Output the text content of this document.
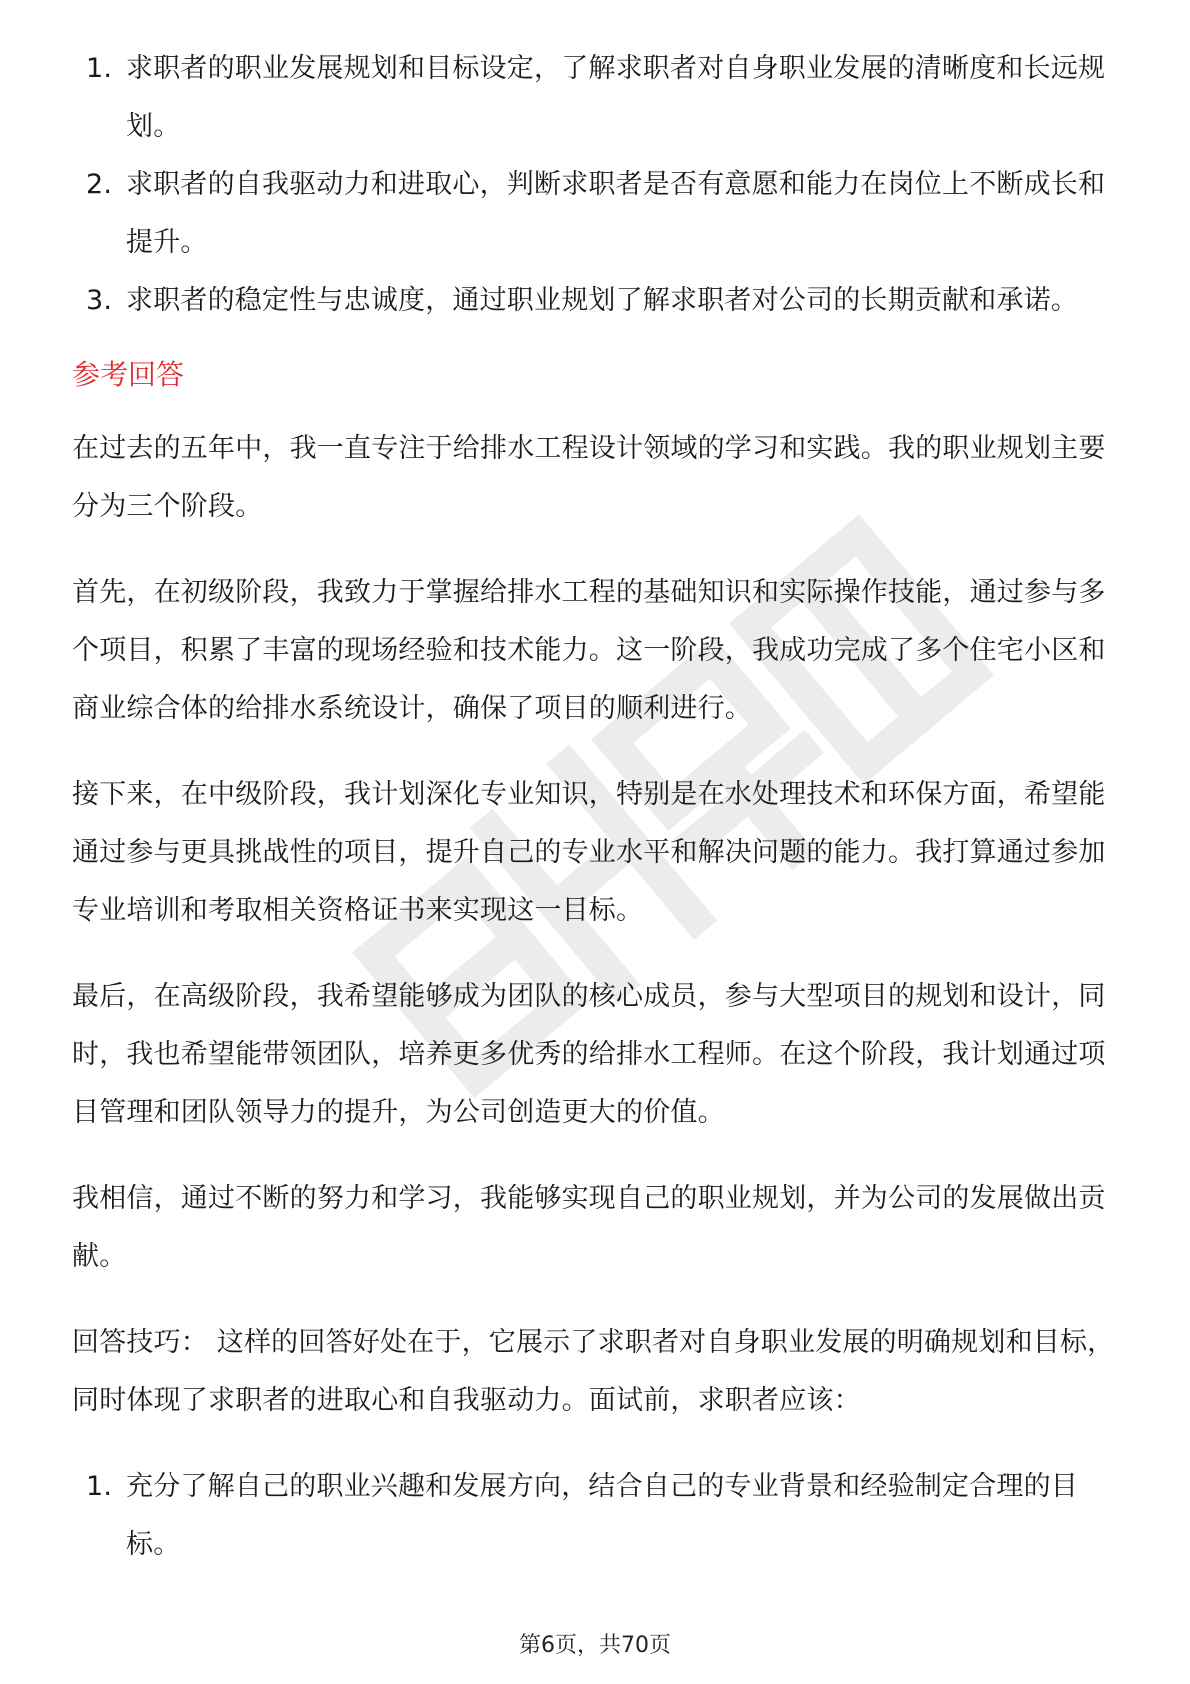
1. 求职者的职业发展规划和目标设定，了解求职者对自身职业发展的清晰度和长远规划。
2. 求职者的自我驱动力和进取心，判断求职者是否有意愿和能力在岗位上不断成长和提升。
3. 求职者的稳定性与忠诚度，通过职业规划了解求职者对公司的长期贡献和承诺。
参考回答

在过去的五年中，我一直专注于给排水工程设计领域的学习和实践。我的职业规划主要分为三个阶段。

首先，在初级阶段，我致力于掌握给排水工程的基础知识和实际操作技能，通过参与多个项目，积累了丰富的现场经验和技术能力。这一阶段，我成功完成了多个住宅小区和商业综合体的给排水系统设计，确保了项目的顺利进行。

接下来，在中级阶段，我计划深化专业知识，特别是在水处理技术和环保方面，希望能通过参与更具挑战性的项目，提升自己的专业水平和解决问题的能力。我打算通过参加专业培训和考取相关资格证书来实现这一目标。

最后，在高级阶段，我希望能够成为团队的核心成员，参与大型项目的规划和设计，同时，我也希望能带领团队，培养更多优秀的给排水工程师。在这个阶段，我计划通过项目管理和团队领导力的提升，为公司创造更大的价值。

我相信，通过不断的努力和学习，我能够实现自己的职业规划，并为公司的发展做出贡献。

回答技巧： 这样的回答好处在于，它展示了求职者对自身职业发展的明确规划和目标，同时体现了求职者的进取心和自我驱动力。面试前，求职者应该：

1. 充分了解自己的职业兴趣和发展方向，结合自己的专业背景和经验制定合理的目标。
第6页，共70页
